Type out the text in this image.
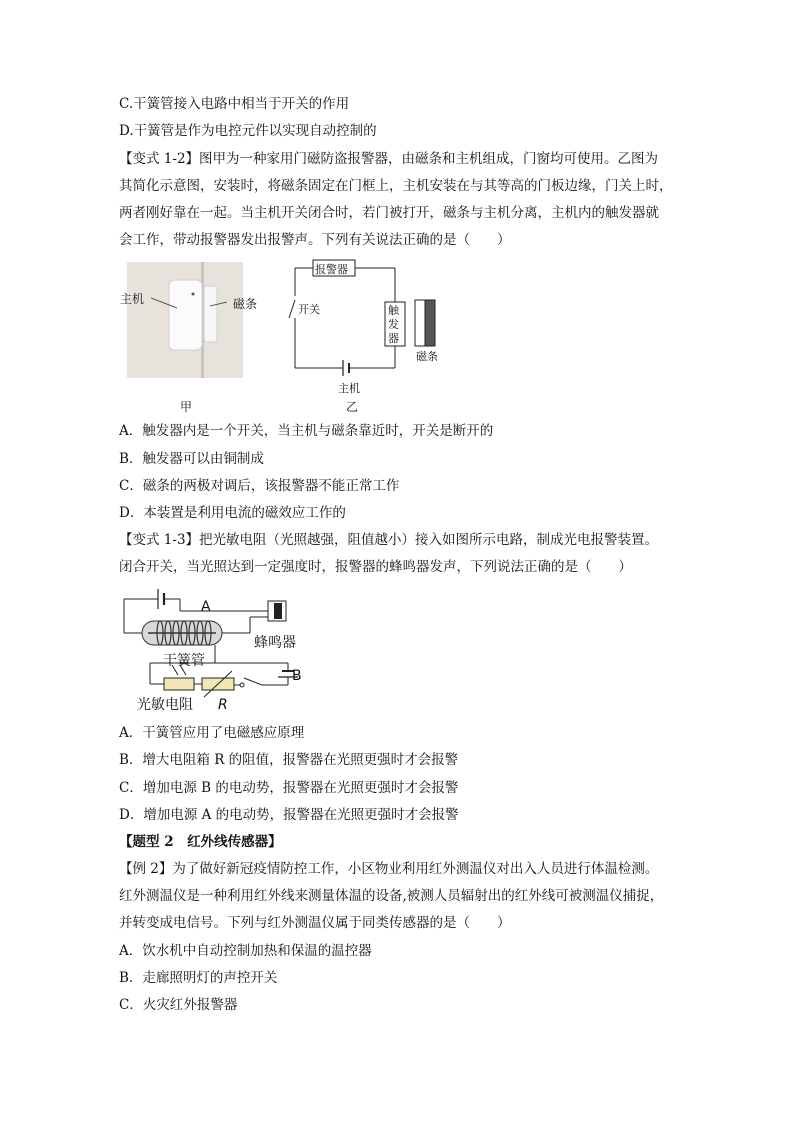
C.干簧管接入电路中相当于开关的作用
D.干簧管是作为电控元件以实现自动控制的
【变式 1-2】图甲为一种家用门磁防盗报警器，由磁条和主机组成，门窗均可使用。乙图为
其简化示意图，安装时，将磁条固定在门框上，主机安装在与其等高的门板边缘，门关上时，
两者刚好靠在一起。当主机开关闭合时，若门被打开，磁条与主机分离，主机内的触发器就
会工作，带动报警器发出报警声。下列有关说法正确的是（　　）
主机	磁条
甲
报警器
开关	触发器
磁条
主机
乙
A．触发器内是一个开关，当主机与磁条靠近时，开关是断开的
B．触发器可以由铜制成
C．磁条的两极对调后，该报警器不能正常工作
D．本装置是利用电流的磁效应工作的
【变式 1-3】把光敏电阻（光照越强，阻值越小）接入如图所示电路，制成光电报警装置。
闭合开关，当光照达到一定强度时，报警器的蜂鸣器发声，下列说法正确的是（　　）
A
蜂鸣器
干簧管
B
光敏电阻 R
A．干簧管应用了电磁感应原理
B．增大电阻箱 R 的阻值，报警器在光照更强时才会报警
C．增加电源 B 的电动势，报警器在光照更强时才会报警
D．增加电源 A 的电动势，报警器在光照更强时才会报警
【题型 2　红外线传感器】
【例 2】为了做好新冠疫情防控工作，小区物业利用红外测温仪对出入人员进行体温检测。
红外测温仪是一种利用红外线来测量体温的设备,被测人员辐射出的红外线可被测温仪捕捉，
并转变成电信号。下列与红外测温仪属于同类传感器的是（　　）
A．饮水机中自动控制加热和保温的温控器
B．走廊照明灯的声控开关
C．火灾红外报警器
